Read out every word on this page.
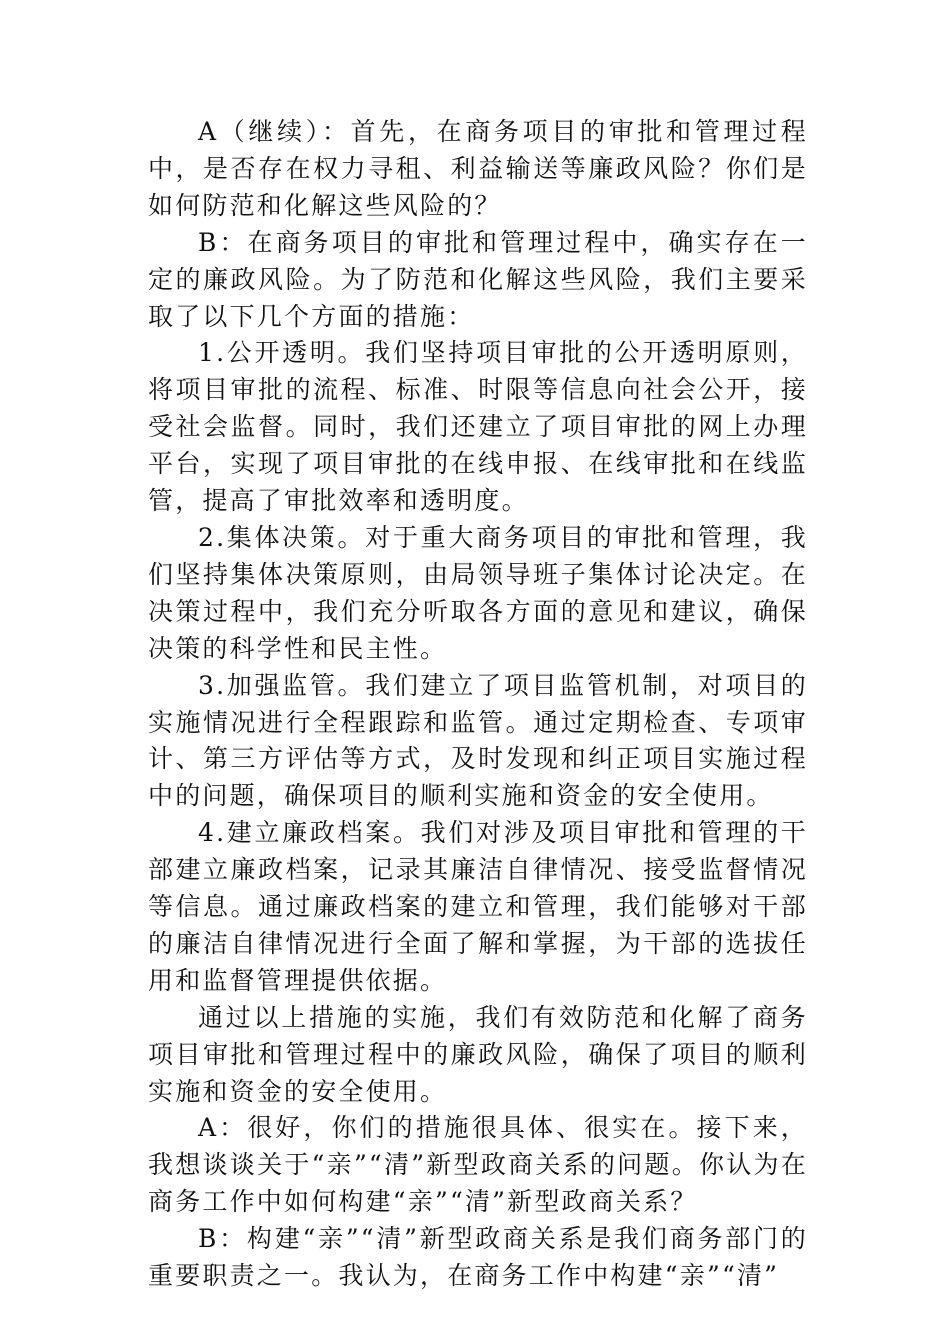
A（继续）：首先，在商务项目的审批和管理过程中，是否存在权力寻租、利益输送等廉政风险？你们是如何防范和化解这些风险的？

B：在商务项目的审批和管理过程中，确实存在一定的廉政风险。为了防范和化解这些风险，我们主要采取了以下几个方面的措施：

1.公开透明。我们坚持项目审批的公开透明原则，将项目审批的流程、标准、时限等信息向社会公开，接受社会监督。同时，我们还建立了项目审批的网上办理平台，实现了项目审批的在线申报、在线审批和在线监管，提高了审批效率和透明度。

2.集体决策。对于重大商务项目的审批和管理，我们坚持集体决策原则，由局领导班子集体讨论决定。在决策过程中，我们充分听取各方面的意见和建议，确保决策的科学性和民主性。

3.加强监管。我们建立了项目监管机制，对项目的实施情况进行全程跟踪和监管。通过定期检查、专项审计、第三方评估等方式，及时发现和纠正项目实施过程中的问题，确保项目的顺利实施和资金的安全使用。

4.建立廉政档案。我们对涉及项目审批和管理的干部建立廉政档案，记录其廉洁自律情况、接受监督情况等信息。通过廉政档案的建立和管理，我们能够对干部的廉洁自律情况进行全面了解和掌握，为干部的选拔任用和监督管理提供依据。

通过以上措施的实施，我们有效防范和化解了商务项目审批和管理过程中的廉政风险，确保了项目的顺利实施和资金的安全使用。

A：很好，你们的措施很具体、很实在。接下来，我想谈谈关于“亲”“清”新型政商关系的问题。你认为在商务工作中如何构建“亲”“清”新型政商关系？

B：构建“亲”“清”新型政商关系是我们商务部门的重要职责之一。我认为，在商务工作中构建“亲”“清”
